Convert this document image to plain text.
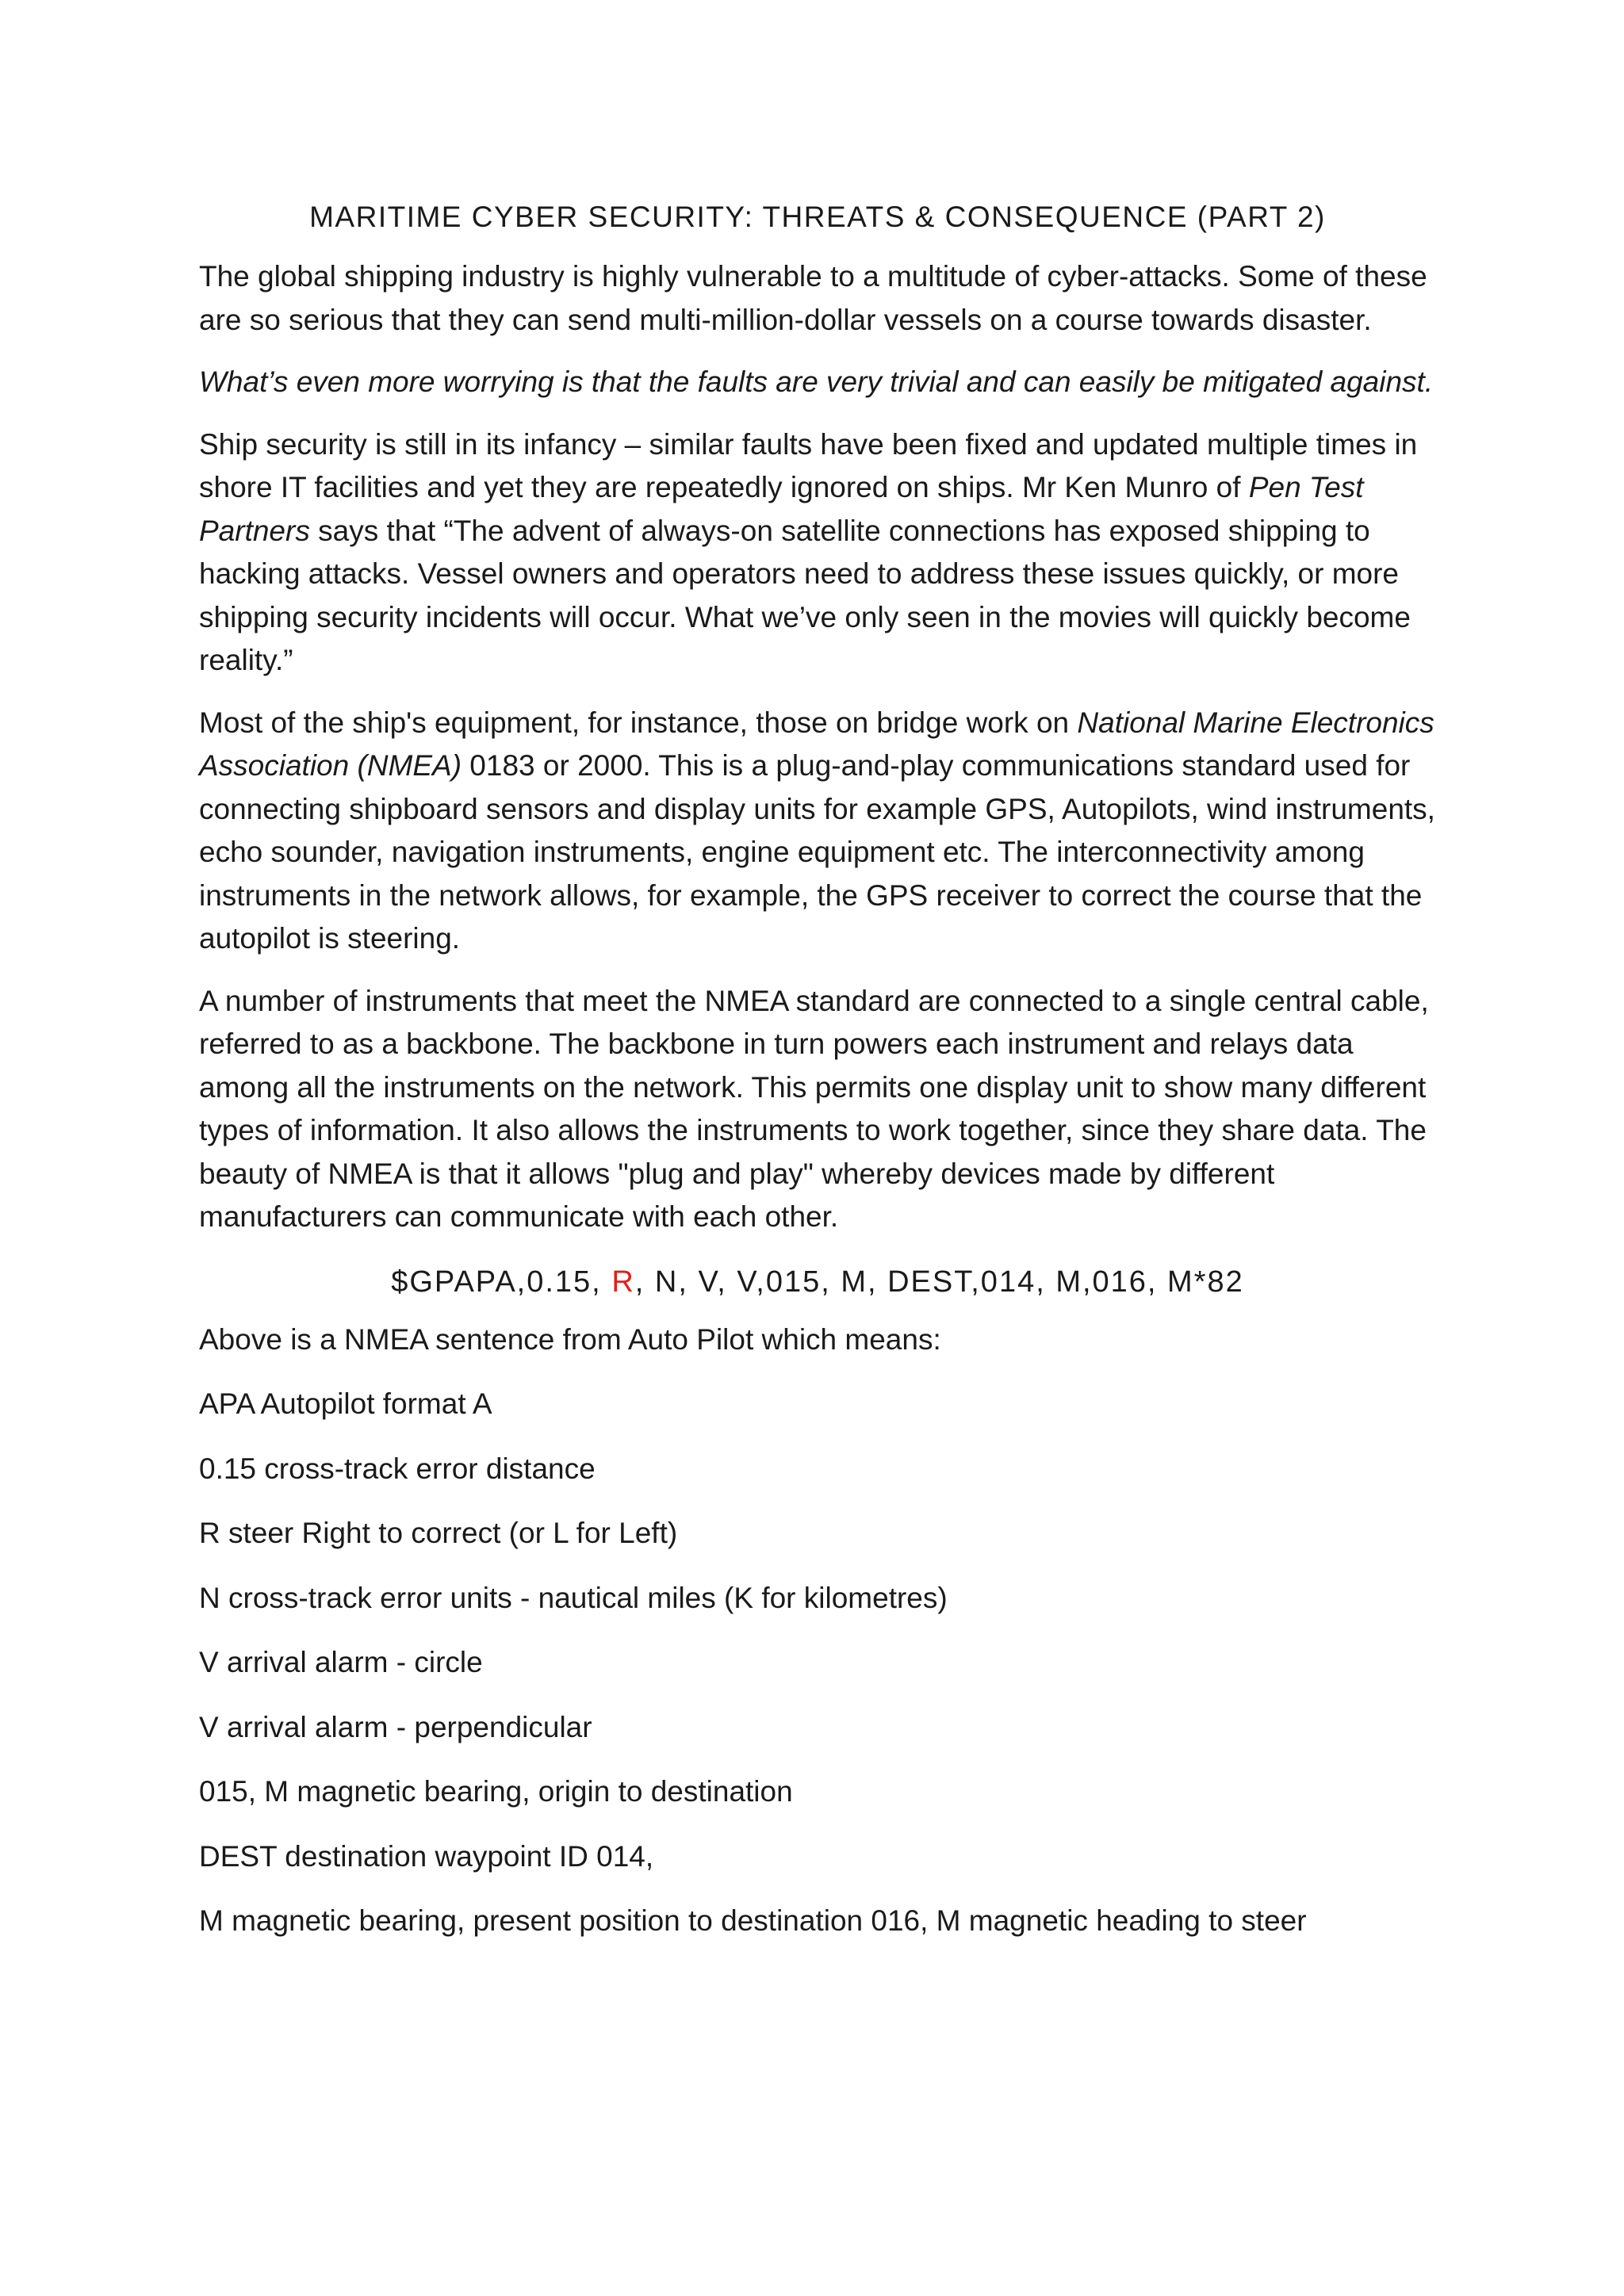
MARITIME CYBER SECURITY: THREATS & CONSEQUENCE (PART 2)

The global shipping industry is highly vulnerable to a multitude of cyber-attacks. Some of these are so serious that they can send multi-million-dollar vessels on a course towards disaster.

What’s even more worrying is that the faults are very trivial and can easily be mitigated against.

Ship security is still in its infancy – similar faults have been fixed and updated multiple times in shore IT facilities and yet they are repeatedly ignored on ships. Mr Ken Munro of Pen Test Partners says that “The advent of always-on satellite connections has exposed shipping to hacking attacks. Vessel owners and operators need to address these issues quickly, or more shipping security incidents will occur. What we’ve only seen in the movies will quickly become reality.”

Most of the ship's equipment, for instance, those on bridge work on National Marine Electronics Association (NMEA) 0183 or 2000. This is a plug-and-play communications standard used for connecting shipboard sensors and display units for example GPS, Autopilots, wind instruments, echo sounder, navigation instruments, engine equipment etc. The interconnectivity among instruments in the network allows, for example, the GPS receiver to correct the course that the autopilot is steering.

A number of instruments that meet the NMEA standard are connected to a single central cable, referred to as a backbone. The backbone in turn powers each instrument and relays data among all the instruments on the network. This permits one display unit to show many different types of information. It also allows the instruments to work together, since they share data. The beauty of NMEA is that it allows "plug and play" whereby devices made by different manufacturers can communicate with each other.

$GPAPA,0.15, R, N, V, V,015, M, DEST,014, M,016, M*82

Above is a NMEA sentence from Auto Pilot which means:

APA Autopilot format A

0.15 cross-track error distance

R steer Right to correct (or L for Left)

N cross-track error units - nautical miles (K for kilometres)

V arrival alarm - circle

V arrival alarm - perpendicular

015, M magnetic bearing, origin to destination

DEST destination waypoint ID 014,

M magnetic bearing, present position to destination 016, M magnetic heading to steer
